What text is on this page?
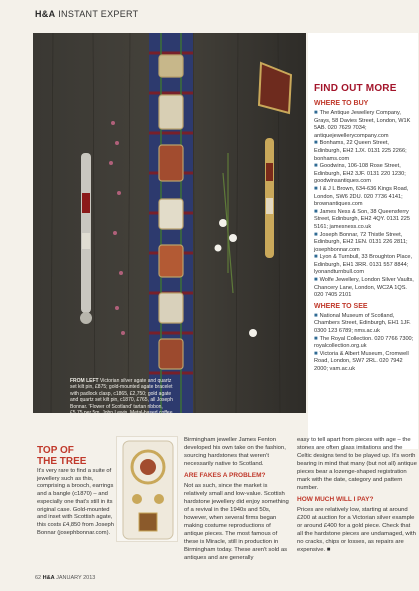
H&A INSTANT EXPERT
FROM LEFT Victorian silver agate and quartz set kilt pin, £875; gold-mounted agate bracelet with padlock clasp, c1865, £2,750; gold agate and quartz set kilt pin, c1870, £765, all Joseph Bonnar. 'Flower of Scotland' tartan ribbon, £5.75 per 5m, John Lewis. Metal-based coffee table, as before
FIND OUT MORE
WHERE TO BUY

■ The Antique Jewellery Company, Grays, 58 Davies Street, London, W1K 5AB. 020 7629 7034; antiquejewellerycompany.com
■ Bonhams, 22 Queen Street, Edinburgh, EH2 1JX. 0131 225 2266; bonhams.com
■ Goodwins, 106-108 Rose Street, Edinburgh, EH2 3JF. 0131 220 1230; goodwinsantiques.com
■ I & J L Brown, 634-636 Kings Road, London, SW6 2DU. 020 7736 4141; brownantiques.com
■ James Ness & Son, 38 Queensferry Street, Edinburgh, EH2 4QY. 0131 225 5161; jamesness.co.uk
■ Joseph Bonnar, 72 Thistle Street, Edinburgh, EH2 1EN. 0131 226 2811; josephbonnar.com
■ Lyon & Turnbull, 33 Broughton Place, Edinburgh, EH1 3RR. 0131 557 8844; lyonandturnbull.com
■ Wolfe Jewellery, London Silver Vaults, Chancery Lane, London, WC2A 1QS. 020 7405 2101

WHERE TO SEE

■ National Museum of Scotland, Chambers Street, Edinburgh, EH1 1JF. 0300 123 6789; nms.ac.uk
■ The Royal Collection. 020 7766 7300; royalcollection.org.uk
■ Victoria & Albert Museum, Cromwell Road, London, SW7 2RL. 020 7942 2000; vam.ac.uk

TOP OF
THE TREE
It's very rare to find a suite of jewellery such as this, comprising a brooch, earrings and a bangle (c1870) – and especially one that's still in its original case. Gold-mounted and inset with Scottish agate, this costs £4,850 from Joseph Bonnar (josephbonnar.com).

Birmingham jeweller James Fenton developed his own take on the fashion, sourcing hardstones that weren't necessarily native to Scotland.

ARE FAKES A PROBLEM?

Not as such, since the market is relatively small and low-value. Scottish hardstone jewellery did enjoy something of a revival in the 1940s and 50s, however, when several firms began making costume reproductions of antique pieces. The most famous of these is Miracle, still in production in Birmingham today. These aren't sold as antiques and are generally

easy to tell apart from pieces with age – the stones are often glass imitations and the Celtic designs tend to be played up. It's worth bearing in mind that many (but not all) antique pieces bear a lozenge-shaped registration mark with the date, category and pattern number.

HOW MUCH WILL I PAY?

Prices are relatively low, starting at around £200 at auction for a Victorian silver example or around £400 for a gold piece. Check that all the hardstone pieces are undamaged, with no cracks, chips or losses, as repairs are expensive. ■

62 H&A JANUARY 2013
